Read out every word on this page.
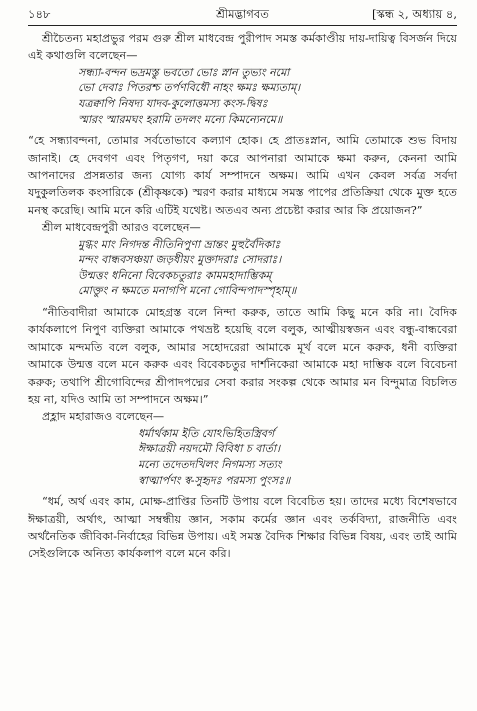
১৪৮	শ্রীমদ্ভাগবত	[স্কন্ধ ২, অধ্যায় ৪,

শ্রীচৈতন্য মহাপ্রভুর পরম গুরু শ্রীল মাধবেন্দ্র পুরীপাদ সমস্ত কর্মকাণ্ডীয় দায়-দায়িত্ব বিসর্জন দিয়ে এই কথাগুলি বলেছেন—

সন্ধ্যা-বন্দন ভদ্রমস্তু ভবতো ভোঃ স্নান তুভ্যং নমো
ভো দেবাঃ পিতরশ্চ তর্পণবিধৌ নাহং ক্ষমঃ ক্ষম্যতাম্।
যত্রক্বাপি নিষদ্য যাদব-কুলোত্তমস্য কংস-দ্বিষঃ
স্মারং স্মারমঘং হরামি তদলং মন্যে কিমন্যেনমে॥

“হে সন্ধ্যাবন্দনা, তোমার সর্বতোভাবে কল্যাণ হোক। হে প্রাতঃস্নান, আমি তোমাকে শুভ বিদায় জানাই। হে দেবগণ এবং পিতৃগণ, দয়া করে আপনারা আমাকে ক্ষমা করুন, কেননা আমি আপনাদের প্রসন্নতার জন্য যোগ্য কার্য সম্পাদনে অক্ষম। আমি এখন কেবল সর্বত্র সর্বদা যদুকুলতিলক কংসারিকে (শ্রীকৃষ্ণকে) স্মরণ করার মাধ্যমে সমস্ত পাপের প্রতিক্রিয়া থেকে মুক্ত হতে মনস্থ করেছি। আমি মনে করি এটিই যথেষ্ট। অতএব অন্য প্রচেষ্টা করার আর কি প্রয়োজন?”

শ্রীল মাধবেন্দ্রপুরী আরও বলেছেন—

মুগ্ধং মাং নিগদন্ত নীতিনিপুণা ভ্রান্তং মুহুর্বৈদিকাঃ
মন্দং বান্ধবসঞ্চয়া জড়ধীয়ং মুক্তাদরাঃ সোদরাঃ।
উন্মত্তং ধনিনো বিবেকচতুরাঃ কামমহাদাম্ভিকম্
মোক্তুং ন ক্ষমতে মনাগপি মনো গোবিন্দপাদস্পৃহাম্॥

“নীতিবাদীরা আমাকে মোহগ্রস্ত বলে নিন্দা করুক, তাতে আমি কিছু মনে করি না। বৈদিক কার্যকলাপে নিপুণ ব্যক্তিরা আমাকে পথভ্রষ্ট হয়েছি বলে বলুক, আত্মীয়স্বজন এবং বন্ধু-বান্ধবেরা আমাকে মন্দমতি বলে বলুক, আমার সহোদরেরা আমাকে মূর্খ বলে মনে করুক, ধনী ব্যক্তিরা আমাকে উন্মত্ত বলে মনে করুক এবং বিবেকচতুর দার্শনিকেরা আমাকে মহা দাম্ভিক বলে বিবেচনা করুক; তথাপি শ্রীগোবিন্দের শ্রীপাদপদ্মের সেবা করার সংকল্প থেকে আমার মন বিন্দুমাত্র বিচলিত হয় না, যদিও আমি তা সম্পাদনে অক্ষম।”

প্রহ্লাদ মহারাজও বলেছেন—

ধর্মার্থকাম ইতি যোঽভিহিতস্ত্রিবর্গ
ঈক্ষাত্রয়ী নয়দমৌ বিবিধা চ বার্তা।
মন্যে তদেতদখিলং নিগমস্য সত্যং
স্বাত্মার্পণং স্ব-সুহৃদঃ পরমস্য পুংসঃ॥

“ধর্ম, অর্থ এবং কাম, মোক্ষ-প্রাপ্তির তিনটি উপায় বলে বিবেচিত হয়। তাদের মধ্যে বিশেষভাবে ঈক্ষাত্রয়ী, অর্থাৎ, আত্মা সম্বন্ধীয় জ্ঞান, সকাম কর্মের জ্ঞান এবং তর্কবিদ্যা, রাজনীতি এবং অর্থনৈতিক জীবিকা-নির্বাহের বিভিন্ন উপায়। এই সমস্ত বৈদিক শিক্ষার বিভিন্ন বিষয়, এবং তাই আমি সেইগুলিকে অনিত্য কার্যকলাপ বলে মনে করি।
